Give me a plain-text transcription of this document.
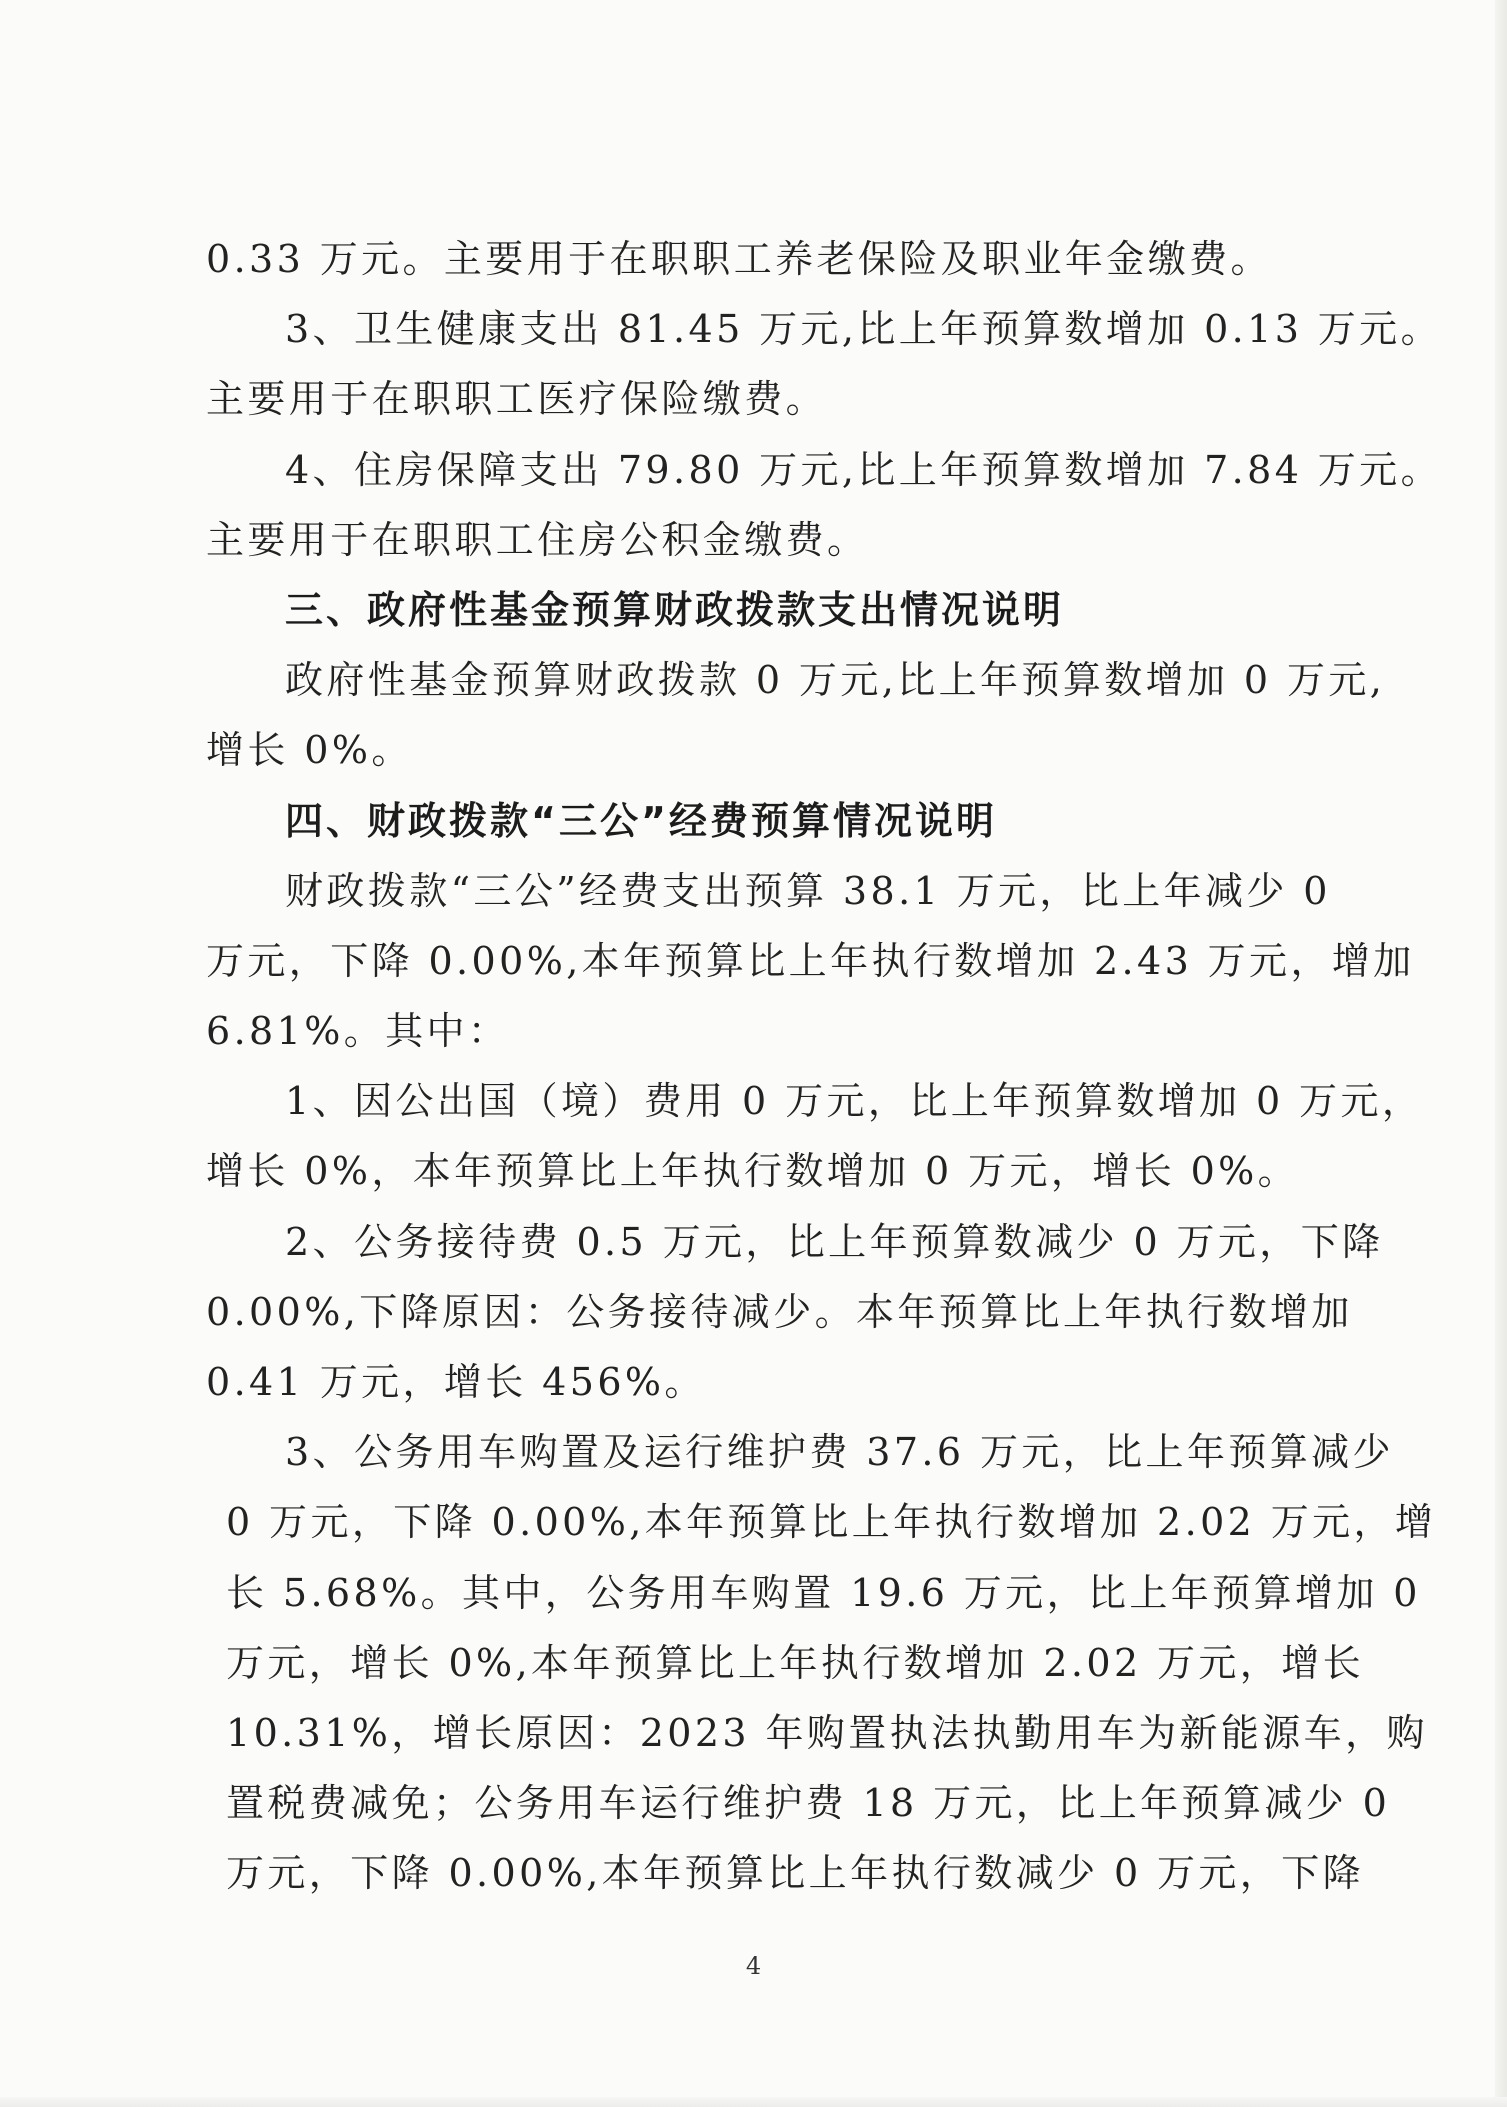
0.33 万元。主要用于在职职工养老保险及职业年金缴费。
3、卫生健康支出 81.45 万元,比上年预算数增加 0.13 万元。
主要用于在职职工医疗保险缴费。
4、住房保障支出 79.80 万元,比上年预算数增加 7.84 万元。
主要用于在职职工住房公积金缴费。
三、政府性基金预算财政拨款支出情况说明
政府性基金预算财政拨款 0 万元,比上年预算数增加 0 万元,
增长 0%。
四、财政拨款“三公”经费预算情况说明
财政拨款“三公”经费支出预算 38.1 万元，比上年减少 0
万元，下降 0.00%,本年预算比上年执行数增加 2.43 万元，增加
6.81%。其中：
1、因公出国（境）费用 0 万元，比上年预算数增加 0 万元，
增长 0%，本年预算比上年执行数增加 0 万元，增长 0%。
2、公务接待费 0.5 万元，比上年预算数减少 0 万元，下降
0.00%,下降原因：公务接待减少。本年预算比上年执行数增加
0.41 万元，增长 456%。
3、公务用车购置及运行维护费 37.6 万元，比上年预算减少
0 万元，下降 0.00%,本年预算比上年执行数增加 2.02 万元，增
长 5.68%。其中，公务用车购置 19.6 万元，比上年预算增加 0
万元，增长 0%,本年预算比上年执行数增加 2.02 万元，增长
10.31%，增长原因：2023 年购置执法执勤用车为新能源车，购
置税费减免；公务用车运行维护费 18 万元，比上年预算减少 0
万元，下降 0.00%,本年预算比上年执行数减少 0 万元，下降
4
